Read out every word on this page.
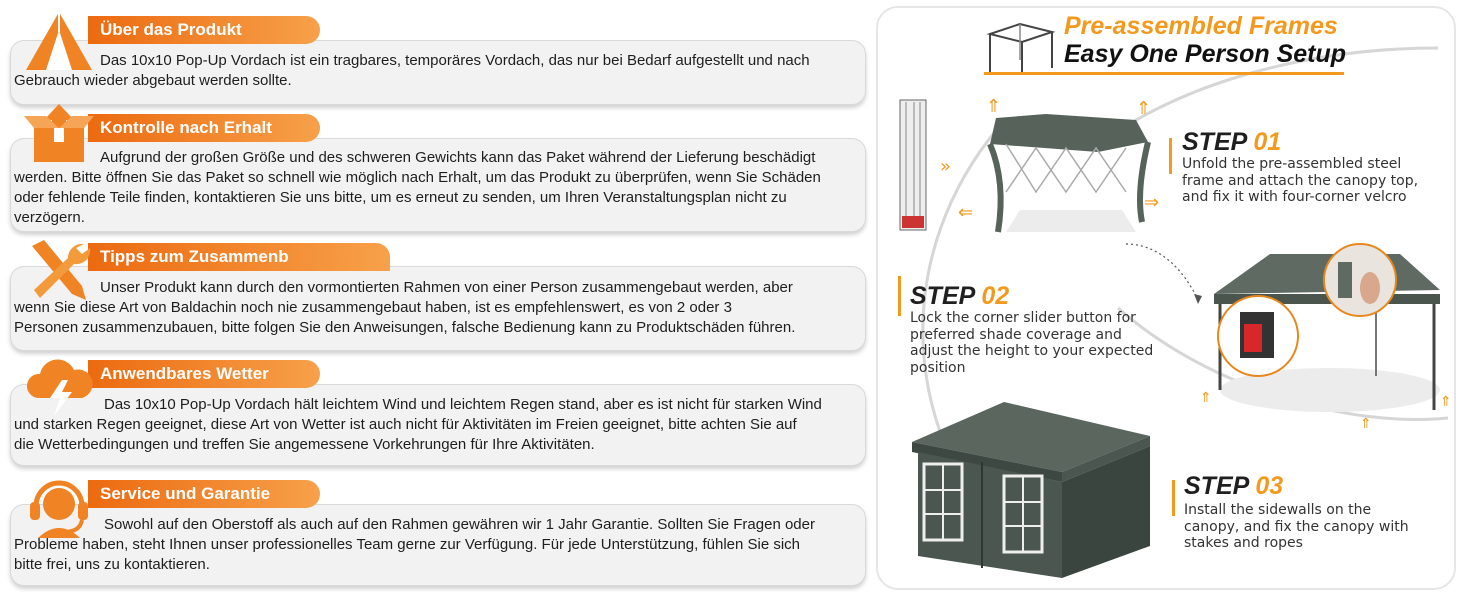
Über das Produkt
Das 10x10 Pop-Up Vordach ist ein tragbares, temporäres Vordach, das nur bei Bedarf aufgestellt und nach
Gebrauch wieder abgebaut werden sollte.
Kontrolle nach Erhalt
Aufgrund der großen Größe und des schweren Gewichts kann das Paket während der Lieferung beschädigt
werden. Bitte öffnen Sie das Paket so schnell wie möglich nach Erhalt, um das Produkt zu überprüfen, wenn Sie Schäden
oder fehlende Teile finden, kontaktieren Sie uns bitte, um es erneut zu senden, um Ihren Veranstaltungsplan nicht zu
verzögern.
Tipps zum Zusammenb
Unser Produkt kann durch den vormontierten Rahmen von einer Person zusammengebaut werden, aber
wenn Sie diese Art von Baldachin noch nie zusammengebaut haben, ist es empfehlenswert, es von 2 oder 3
Personen zusammenzubauen, bitte folgen Sie den Anweisungen, falsche Bedienung kann zu Produktschäden führen.
Anwendbares Wetter
Das 10x10 Pop-Up Vordach hält leichtem Wind und leichtem Regen stand, aber es ist nicht für starken Wind
und starken Regen geeignet, diese Art von Wetter ist auch nicht für Aktivitäten im Freien geeignet, bitte achten Sie auf
die Wetterbedingungen und treffen Sie angemessene Vorkehrungen für Ihre Aktivitäten.
Service und Garantie
Sowohl auf den Oberstoff als auch auf den Rahmen gewähren wir 1 Jahr Garantie. Sollten Sie Fragen oder
Probleme haben, steht Ihnen unser professionelles Team gerne zur Verfügung. Für jede Unterstützung, fühlen Sie sich
bitte frei, uns zu kontaktieren.
Pre-assembled Frames
Easy One Person Setup
»
⇐
⇑	⇑
⇒
STEP 01
Unfold the pre-assembled steel
frame and attach the canopy top,
and fix it with four-corner velcro
STEP 02
Lock the corner slider button for
preferred shade coverage and
adjust the height to your expected
position
⇑
⇑
⇑
STEP 03
Install the sidewalls on the
canopy, and fix the canopy with
stakes and ropes
